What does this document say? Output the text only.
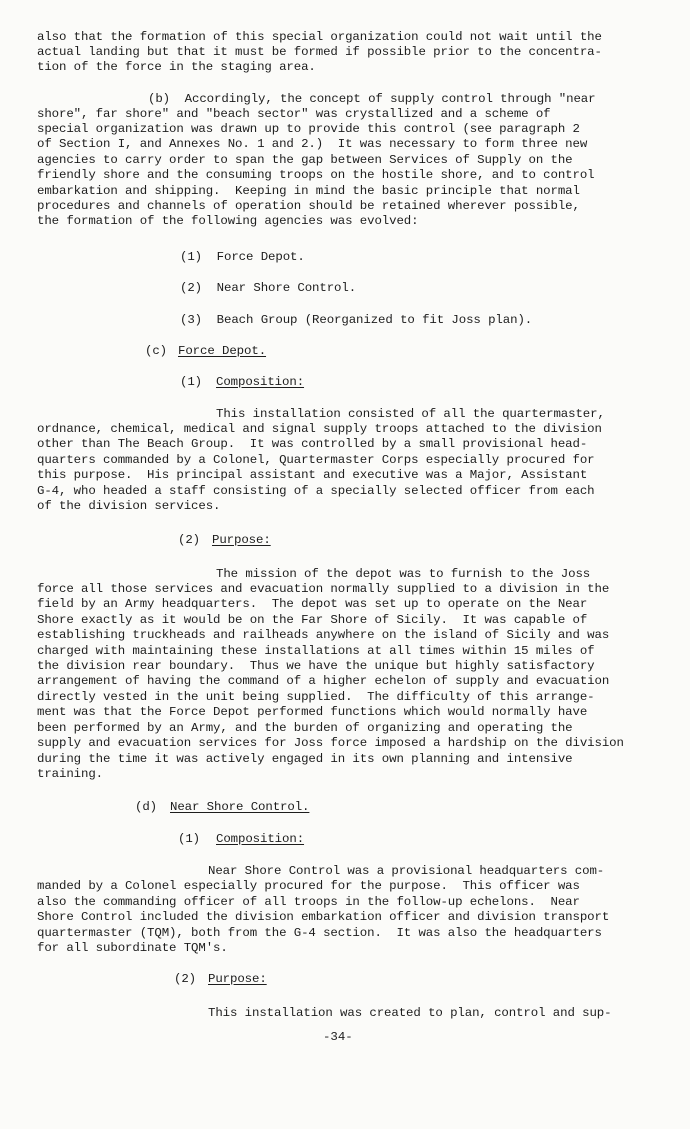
also that the formation of this special organization could not wait until the
actual landing but that it must be formed if possible prior to the concentra-
tion of the force in the staging area.
(b)  Accordingly, the concept of supply control through "near
shore", far shore" and "beach sector" was crystallized and a scheme of
special organization was drawn up to provide this control (see paragraph 2
of Section I, and Annexes No. 1 and 2.)  It was necessary to form three new
agencies to carry order to span the gap between Services of Supply on the
friendly shore and the consuming troops on the hostile shore, and to control
embarkation and shipping.  Keeping in mind the basic principle that normal
procedures and channels of operation should be retained wherever possible,
the formation of the following agencies was evolved:
(1)  Force Depot.
(2)  Near Shore Control.
(3)  Beach Group (Reorganized to fit Joss plan).
(c) Force Depot.
(1) Composition:
This installation consisted of all the quartermaster,
ordnance, chemical, medical and signal supply troops attached to the division
other than The Beach Group.  It was controlled by a small provisional head-
quarters commanded by a Colonel, Quartermaster Corps especially procured for
this purpose.  His principal assistant and executive was a Major, Assistant
G-4, who headed a staff consisting of a specially selected officer from each
of the division services.
(2) Purpose:
The mission of the depot was to furnish to the Joss
force all those services and evacuation normally supplied to a division in the
field by an Army headquarters.  The depot was set up to operate on the Near
Shore exactly as it would be on the Far Shore of Sicily.  It was capable of
establishing truckheads and railheads anywhere on the island of Sicily and was
charged with maintaining these installations at all times within 15 miles of
the division rear boundary.  Thus we have the unique but highly satisfactory
arrangement of having the command of a higher echelon of supply and evacuation
directly vested in the unit being supplied.  The difficulty of this arrange-
ment was that the Force Depot performed functions which would normally have
been performed by an Army, and the burden of organizing and operating the
supply and evacuation services for Joss force imposed a hardship on the division
during the time it was actively engaged in its own planning and intensive
training.
(d) Near Shore Control.
(1) Composition:
Near Shore Control was a provisional headquarters com-
manded by a Colonel especially procured for the purpose.  This officer was
also the commanding officer of all troops in the follow-up echelons.  Near
Shore Control included the division embarkation officer and division transport
quartermaster (TQM), both from the G-4 section.  It was also the headquarters
for all subordinate TQM's.
(2) Purpose:
This installation was created to plan, control and sup-
-34-
